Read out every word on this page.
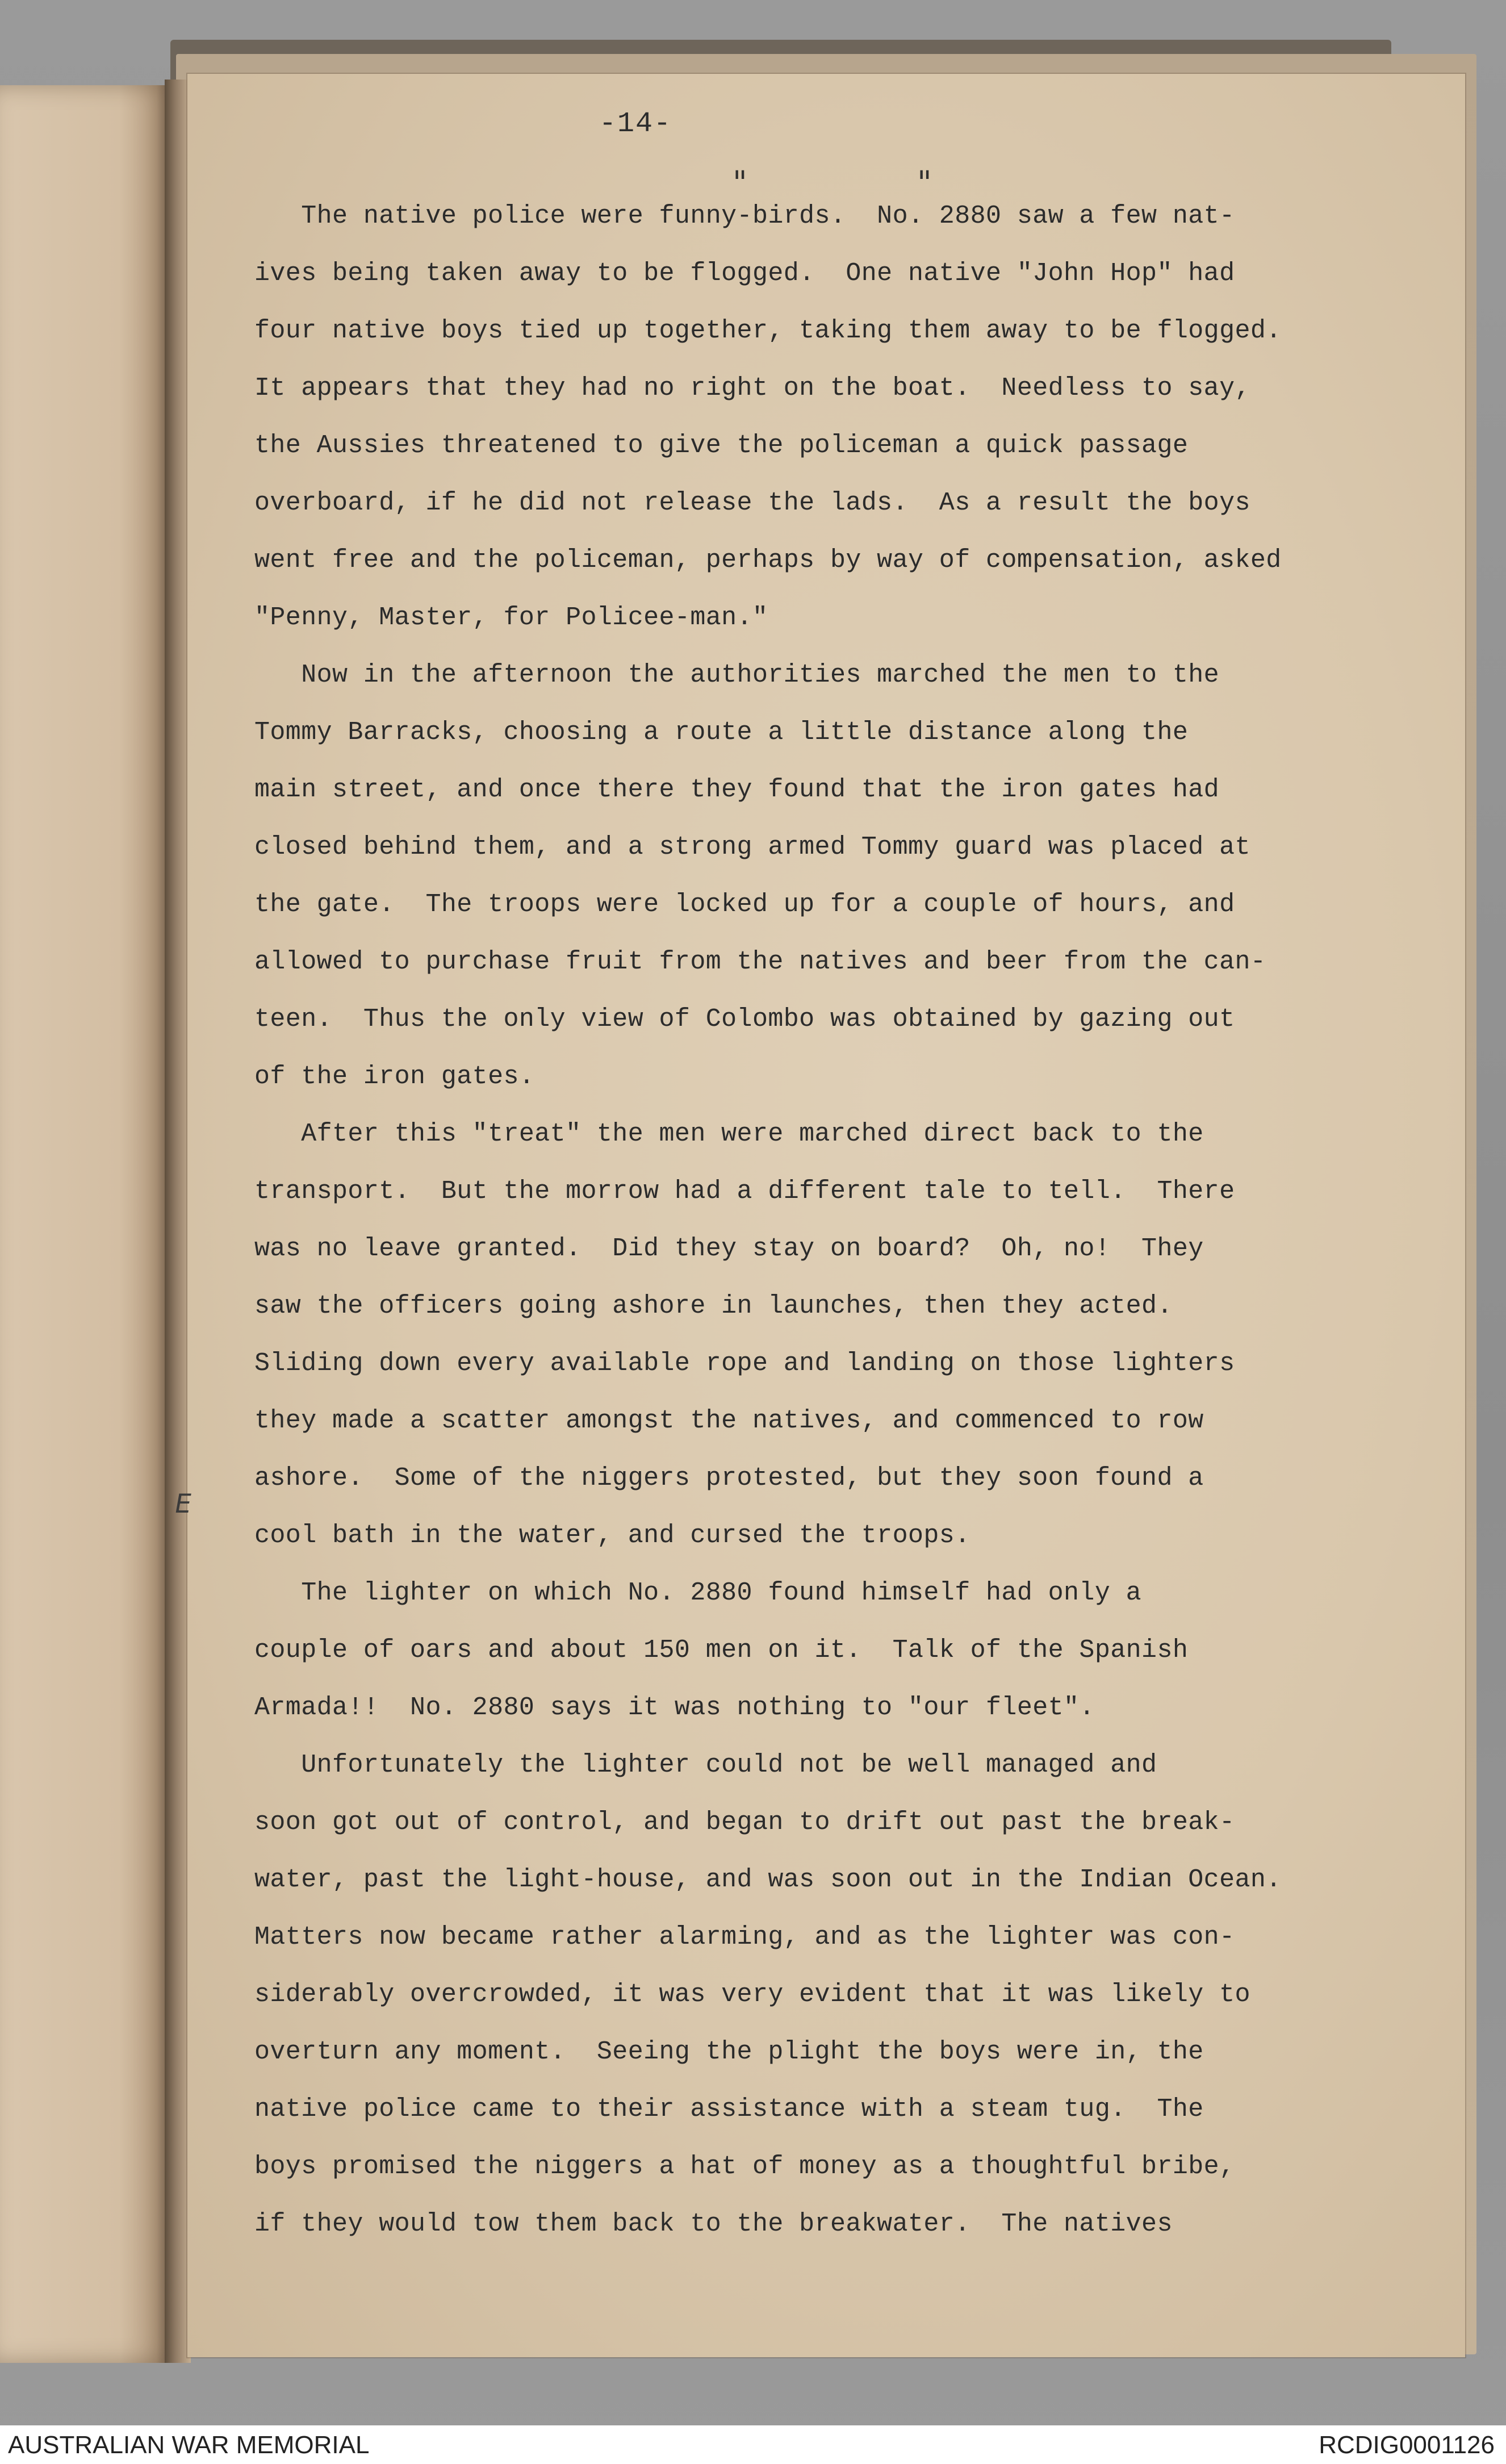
-14-
"	"
E
The native police were funny-birds.  No. 2880 saw a few nat-
ives being taken away to be flogged.  One native "John Hop" had
four native boys tied up together, taking them away to be flogged.
It appears that they had no right on the boat.  Needless to say,
the Aussies threatened to give the policeman a quick passage
overboard, if he did not release the lads.  As a result the boys
went free and the policeman, perhaps by way of compensation, asked
"Penny, Master, for Policee-man."
Now in the afternoon the authorities marched the men to the
Tommy Barracks, choosing a route a little distance along the
main street, and once there they found that the iron gates had
closed behind them, and a strong armed Tommy guard was placed at
the gate.  The troops were locked up for a couple of hours, and
allowed to purchase fruit from the natives and beer from the can-
teen.  Thus the only view of Colombo was obtained by gazing out
of the iron gates.
After this "treat" the men were marched direct back to the
transport.  But the morrow had a different tale to tell.  There
was no leave granted.  Did they stay on board?  Oh, no!  They
saw the officers going ashore in launches, then they acted.
Sliding down every available rope and landing on those lighters
they made a scatter amongst the natives, and commenced to row
ashore.  Some of the niggers protested, but they soon found a
cool bath in the water, and cursed the troops.
The lighter on which No. 2880 found himself had only a
couple of oars and about 150 men on it.  Talk of the Spanish
Armada!!  No. 2880 says it was nothing to "our fleet".
Unfortunately the lighter could not be well managed and
soon got out of control, and began to drift out past the break-
water, past the light-house, and was soon out in the Indian Ocean.
Matters now became rather alarming, and as the lighter was con-
siderably overcrowded, it was very evident that it was likely to
overturn any moment.  Seeing the plight the boys were in, the
native police came to their assistance with a steam tug.  The
boys promised the niggers a hat of money as a thoughtful bribe,
if they would tow them back to the breakwater.  The natives
AUSTRALIAN WAR MEMORIAL	RCDIG0001126
